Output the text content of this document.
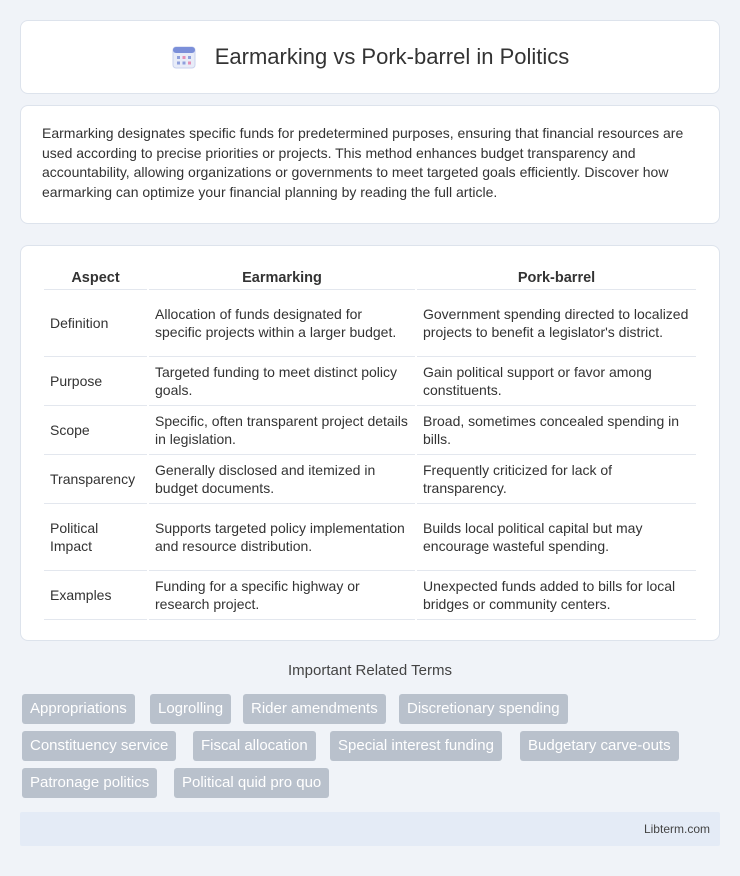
Earmarking vs Pork-barrel in Politics

Earmarking designates specific funds for predetermined purposes, ensuring that financial resources are used according to precise priorities or projects. This method enhances budget transparency and accountability, allowing organizations or governments to meet targeted goals efficiently. Discover how earmarking can optimize your financial planning by reading the full article.

Aspect	Earmarking	Pork-barrel
Definition	Allocation of funds designated for specific projects within a larger budget.	Government spending directed to localized projects to benefit a legislator's district.
Purpose	Targeted funding to meet distinct policy goals.	Gain political support or favor among constituents.
Scope	Specific, often transparent project details in legislation.	Broad, sometimes concealed spending in bills.
Transparency	Generally disclosed and itemized in budget documents.	Frequently criticized for lack of transparency.
Political Impact	Supports targeted policy implementation and resource distribution.	Builds local political capital but may encourage wasteful spending.
Examples	Funding for a specific highway or research project.	Unexpected funds added to bills for local bridges or community centers.
Important Related Terms
Appropriations	Logrolling	Rider amendments	Discretionary spending
Constituency service	Fiscal allocation	Special interest funding	Budgetary carve-outs
Patronage politics	Political quid pro quo
Libterm.com
